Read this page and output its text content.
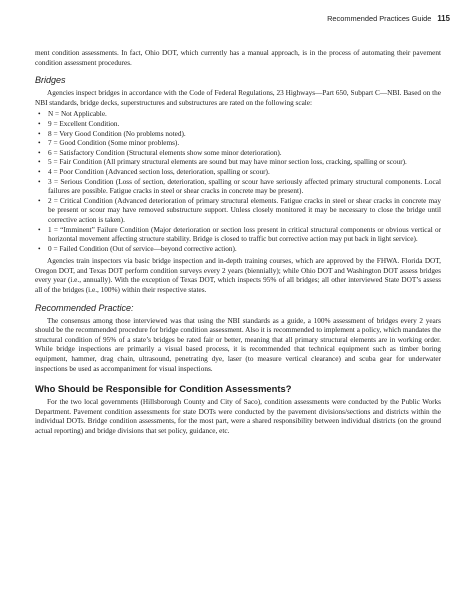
Recommended Practices Guide 115

ment condition assessments. In fact, Ohio DOT, which currently has a manual approach, is in the process of automating their pavement condition assessment procedures.

Bridges

Agencies inspect bridges in accordance with the Code of Federal Regulations, 23 Highways—Part 650, Subpart C—NBI. Based on the NBI standards, bridge decks, superstructures and substructures are rated on the following scale:

• N = Not Applicable.
• 9 = Excellent Condition.
• 8 = Very Good Condition (No problems noted).
• 7 = Good Condition (Some minor problems).
• 6 = Satisfactory Condition (Structural elements show some minor deterioration).
• 5 = Fair Condition (All primary structural elements are sound but may have minor section loss, cracking, spalling or scour).
• 4 = Poor Condition (Advanced section loss, deterioration, spalling or scour).
• 3 = Serious Condition (Loss of section, deterioration, spalling or scour have seriously affected primary structural components. Local failures are possible. Fatigue cracks in steel or shear cracks in concrete may be present).
• 2 = Critical Condition (Advanced deterioration of primary structural elements. Fatigue cracks in steel or shear cracks in concrete may be present or scour may have removed substructure support. Unless closely monitored it may be necessary to close the bridge until corrective action is taken).
• 1 = “Imminent” Failure Condition (Major deterioration or section loss present in critical structural components or obvious vertical or horizontal movement affecting structure stability. Bridge is closed to traffic but corrective action may put back in light service).
• 0 = Failed Condition (Out of service—beyond corrective action).

Agencies train inspectors via basic bridge inspection and in-depth training courses, which are approved by the FHWA. Florida DOT, Oregon DOT, and Texas DOT perform condition surveys every 2 years (biennially); while Ohio DOT and Washington DOT assess bridges every year (i.e., annually). With the exception of Texas DOT, which inspects 95% of all bridges; all other interviewed State DOT’s assess all of the bridges (i.e., 100%) within their respective states.

Recommended Practice:

The consensus among those interviewed was that using the NBI standards as a guide, a 100% assessment of bridges every 2 years should be the recommended procedure for bridge condition assessment. Also it is recommended to implement a policy, which mandates the structural condition of 95% of a state’s bridges be rated fair or better, meaning that all primary structural elements are in working order. While bridge inspections are primarily a visual based process, it is recommended that technical equipment such as timber boring equipment, hammer, drag chain, ultrasound, penetrating dye, laser (to measure vertical clearance) and scuba gear for underwater inspections be used as accompaniment for visual inspections.

Who Should be Responsible for Condition Assessments?

For the two local governments (Hillsborough County and City of Saco), condition assessments were conducted by the Public Works Department. Pavement condition assessments for state DOTs were conducted by the pavement divisions/sections and districts within the individual DOTs. Bridge condition assessments, for the most part, were a shared responsibility between individual districts (on the ground actual reporting) and bridge divisions that set policy, guidance, etc.
